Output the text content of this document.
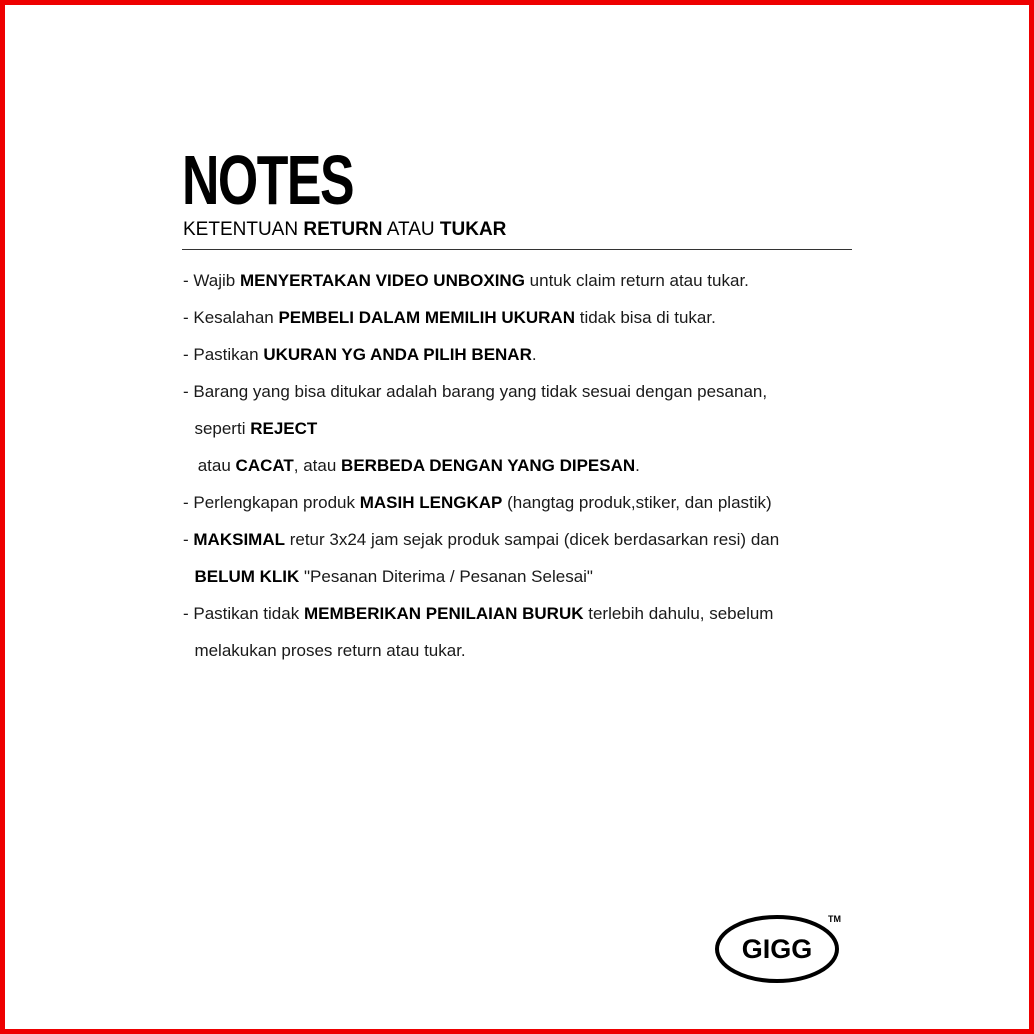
NOTES
KETENTUAN RETURN ATAU TUKAR
- Wajib MENYERTAKAN VIDEO UNBOXING untuk claim return atau tukar.
- Kesalahan PEMBELI DALAM MEMILIH UKURAN tidak bisa di tukar.
- Pastikan UKURAN YG ANDA PILIH BENAR.
- Barang yang bisa ditukar adalah barang yang tidak sesuai dengan pesanan,
seperti REJECT
atau CACAT, atau BERBEDA DENGAN YANG DIPESAN.
- Perlengkapan produk MASIH LENGKAP (hangtag produk,stiker, dan plastik)
- MAKSIMAL retur 3x24 jam sejak produk sampai (dicek berdasarkan resi) dan
BELUM KLIK "Pesanan Diterima / Pesanan Selesai"
- Pastikan tidak MEMBERIKAN PENILAIAN BURUK terlebih dahulu, sebelum
melakukan proses return atau tukar.
GIGG
TM
